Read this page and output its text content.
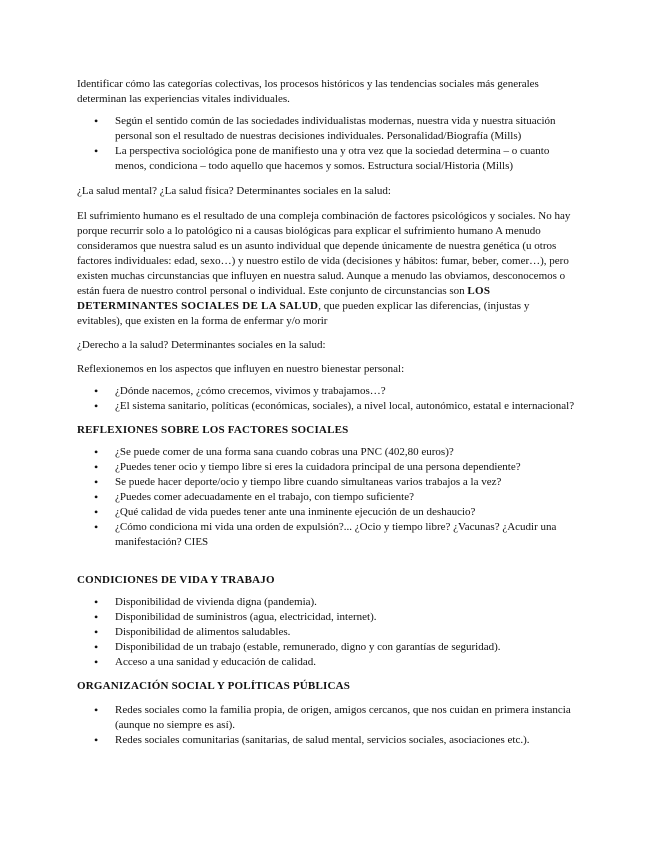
Identificar cómo las categorías colectivas, los procesos históricos y las tendencias sociales más generales determinan las experiencias vitales individuales.

• Según el sentido común de las sociedades individualistas modernas, nuestra vida y nuestra situación personal son el resultado de nuestras decisiones individuales. Personalidad/Biografía (Mills)
• La perspectiva sociológica pone de manifiesto una y otra vez que la sociedad determina – o cuanto menos, condiciona – todo aquello que hacemos y somos. Estructura social/Historia (Mills)

¿La salud mental? ¿La salud física? Determinantes sociales en la salud:

El sufrimiento humano es el resultado de una compleja combinación de factores psicológicos y sociales. No hay porque recurrir solo a lo patológico ni a causas biológicas para explicar el sufrimiento humano A menudo consideramos que nuestra salud es un asunto individual que depende únicamente de nuestra genética (u otros factores individuales: edad, sexo…) y nuestro estilo de vida (decisiones y hábitos: fumar, beber, comer…), pero existen muchas circunstancias que influyen en nuestra salud. Aunque a menudo las obviamos, desconocemos o están fuera de nuestro control personal o individual. Este conjunto de circunstancias son LOS DETERMINANTES SOCIALES DE LA SALUD, que pueden explicar las diferencias, (injustas y evitables), que existen en la forma de enfermar y/o morir

¿Derecho a la salud? Determinantes sociales en la salud:

Reflexionemos en los aspectos que influyen en nuestro bienestar personal:

• ¿Dónde nacemos, ¿cómo crecemos, vivimos y trabajamos…?
• ¿El sistema sanitario, políticas (económicas, sociales), a nivel local, autonómico, estatal e internacional?
REFLEXIONES SOBRE LOS FACTORES SOCIALES
• ¿Se puede comer de una forma sana cuando cobras una PNC (402,80 euros)?
• ¿Puedes tener ocio y tiempo libre si eres la cuidadora principal de una persona dependiente?
• Se puede hacer deporte/ocio y tiempo libre cuando simultaneas varios trabajos a la vez?
• ¿Puedes comer adecuadamente en el trabajo, con tiempo suficiente?
• ¿Qué calidad de vida puedes tener ante una inminente ejecución de un deshaucio?
• ¿Cómo condiciona mi vida una orden de expulsión?... ¿Ocio y tiempo libre? ¿Vacunas? ¿Acudir una manifestación? CIES
CONDICIONES DE VIDA Y TRABAJO
• Disponibilidad de vivienda digna (pandemia).
• Disponibilidad de suministros (agua, electricidad, internet).
• Disponibilidad de alimentos saludables.
• Disponibilidad de un trabajo (estable, remunerado, digno y con garantías de seguridad).
• Acceso a una sanidad y educación de calidad.
ORGANIZACIÓN SOCIAL Y POLÍTICAS PÚBLICAS
• Redes sociales como la familia propia, de origen, amigos cercanos, que nos cuidan en primera instancia (aunque no siempre es así).
• Redes sociales comunitarias (sanitarias, de salud mental, servicios sociales, asociaciones etc.).
